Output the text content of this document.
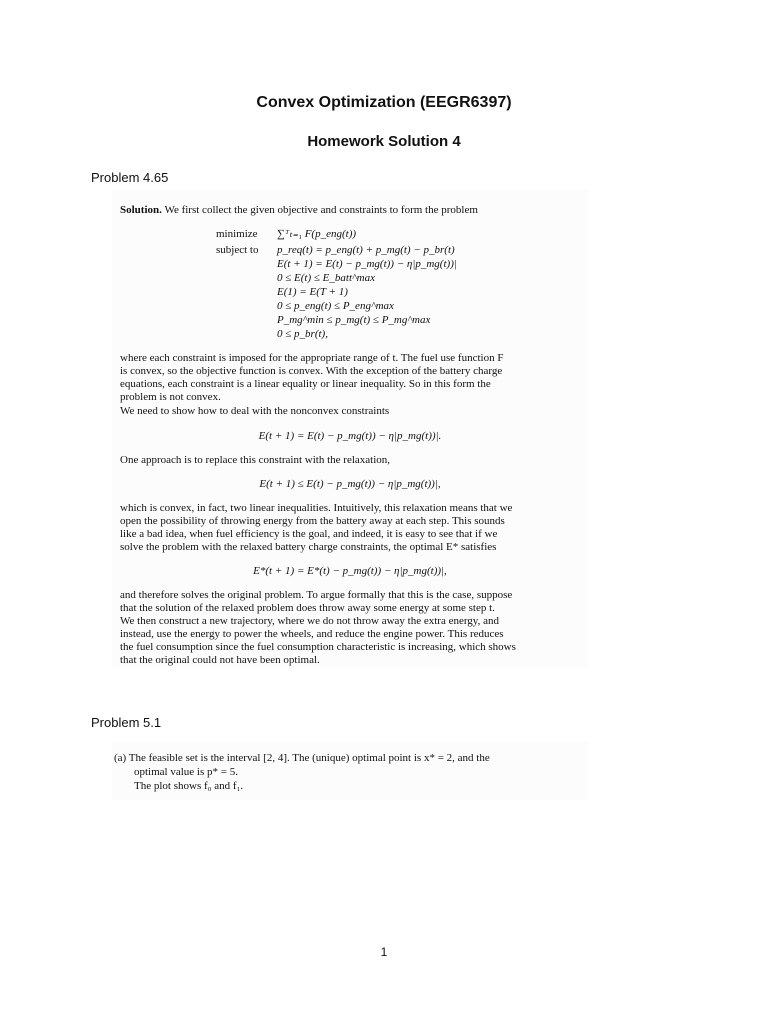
Convex Optimization (EEGR6397)
Homework Solution 4
Problem 4.65
Solution. We first collect the given objective and constraints to form the problem
minimize ∑ᵀₜ₌₁ F(p_eng(t))
subject to p_req(t) = p_eng(t) + p_mg(t) − p_br(t)
E(t + 1) = E(t) − p_mg(t)) − η|p_mg(t))|
0 ≤ E(t) ≤ E_batt^max
E(1) = E(T + 1)
0 ≤ p_eng(t) ≤ P_eng^max
P_mg^min ≤ p_mg(t) ≤ P_mg^max
0 ≤ p_br(t),
where each constraint is imposed for the appropriate range of t. The fuel use function F
is convex, so the objective function is convex. With the exception of the battery charge
equations, each constraint is a linear equality or linear inequality. So in this form the
problem is not convex.
We need to show how to deal with the nonconvex constraints
E(t + 1) = E(t) − p_mg(t)) − η|p_mg(t))|.
One approach is to replace this constraint with the relaxation,
E(t + 1) ≤ E(t) − p_mg(t)) − η|p_mg(t))|,
which is convex, in fact, two linear inequalities. Intuitively, this relaxation means that we
open the possibility of throwing energy from the battery away at each step. This sounds
like a bad idea, when fuel efficiency is the goal, and indeed, it is easy to see that if we
solve the problem with the relaxed battery charge constraints, the optimal E* satisfies
E*(t + 1) = E*(t) − p_mg(t)) − η|p_mg(t))|,
and therefore solves the original problem. To argue formally that this is the case, suppose
that the solution of the relaxed problem does throw away some energy at some step t.
We then construct a new trajectory, where we do not throw away the extra energy, and
instead, use the energy to power the wheels, and reduce the engine power. This reduces
the fuel consumption since the fuel consumption characteristic is increasing, which shows
that the original could not have been optimal.
Problem 5.1
(a) The feasible set is the interval [2, 4]. The (unique) optimal point is x* = 2, and the
optimal value is p* = 5.
The plot shows f₀ and f₁.
1
